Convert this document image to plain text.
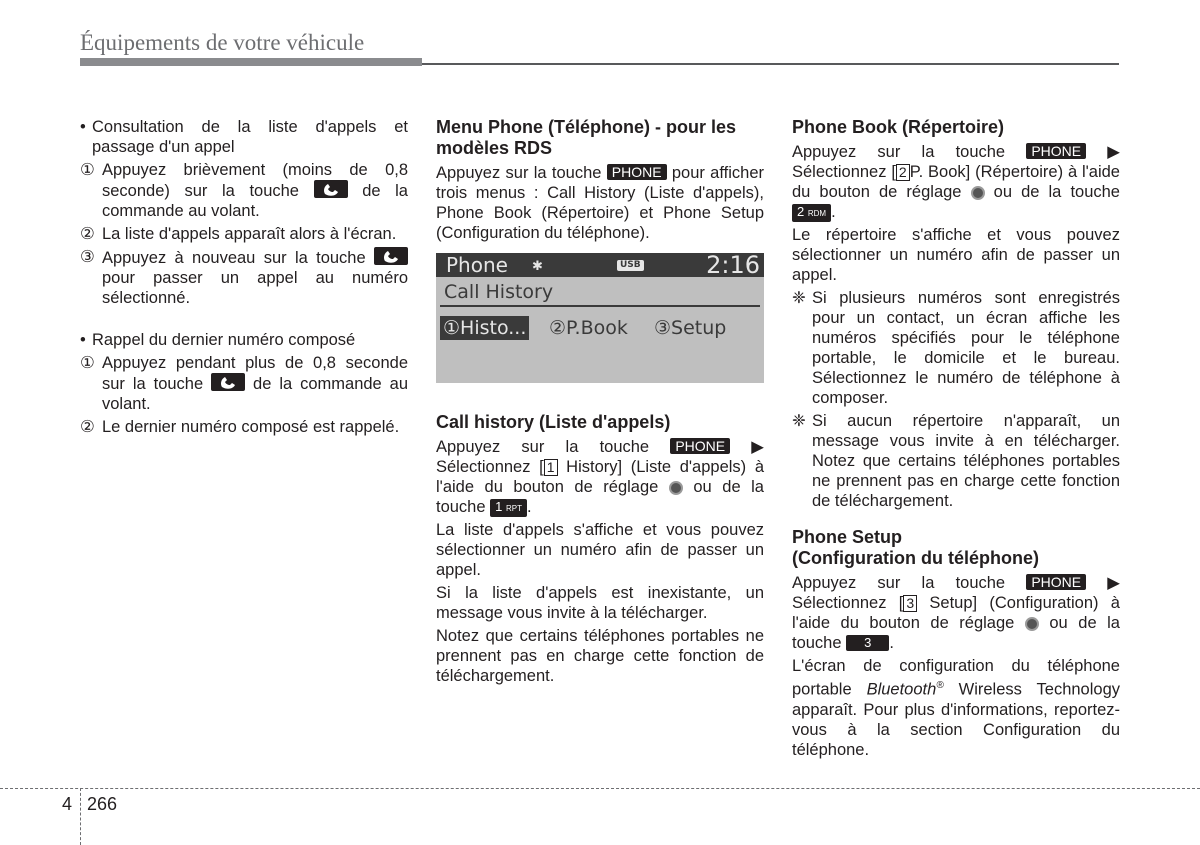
Équipements de votre véhicule
• Consultation de la liste d'appels et passage d'un appel

① Appuyez brièvement (moins de 0,8 seconde) sur la touche
de la commande au volant.
② La liste d'appels apparaît alors à l'écran.
③ Appuyez à nouveau sur la touche
pour passer un appel au numéro sélectionné.
• Rappel du dernier numéro composé

① Appuyez pendant plus de 0,8 seconde sur la touche
de la commande au volant.
② Le dernier numéro composé est rappelé.
Menu Phone (Téléphone) - pour les modèles RDS

Appuyez sur la touche PHONE pour afficher trois menus : Call History (Liste d'appels), Phone Book (Répertoire) et Phone Setup (Configuration du téléphone).

Phone ✱	USB	2:16
Call History
①Histo... ②P.Book ③Setup
Call history (Liste d'appels)

Appuyez sur la touche PHONE ▶ Sélectionnez [ 1 History] (Liste d'appels) à l'aide du bouton de réglage  ou de la touche 1 RPT .

La liste d'appels s'affiche et vous pouvez sélectionner un numéro afin de passer un appel.

Si la liste d'appels est inexistante, un message vous invite à la télécharger.

Notez que certains téléphones portables ne prennent pas en charge cette fonction de téléchargement.

Phone Book (Répertoire)

Appuyez sur la touche PHONE ▶ Sélectionnez [ 2 P. Book] (Répertoire) à l'aide du bouton de réglage  ou de la touche 2 RDM .

Le répertoire s'affiche et vous pouvez sélectionner un numéro afin de passer un appel.

❈ Si plusieurs numéros sont enregistrés pour un contact, un écran affiche les numéros spécifiés pour le téléphone portable, le domicile et le bureau. Sélectionnez le numéro de téléphone à composer.
❈ Si aucun répertoire n'apparaît, un message vous invite à en télécharger. Notez que certains téléphones portables ne prennent pas en charge cette fonction de téléchargement.
Phone Setup
(Configuration du téléphone)

Appuyez sur la touche PHONE ▶ Sélectionnez [ 3 Setup] (Configuration) à l'aide du bouton de réglage  ou de la touche 3 .

L'écran de configuration du téléphone portable Bluetooth® Wireless Technology apparaît. Pour plus d'informations, reportez-vous à la section Configuration du téléphone.

4 266
